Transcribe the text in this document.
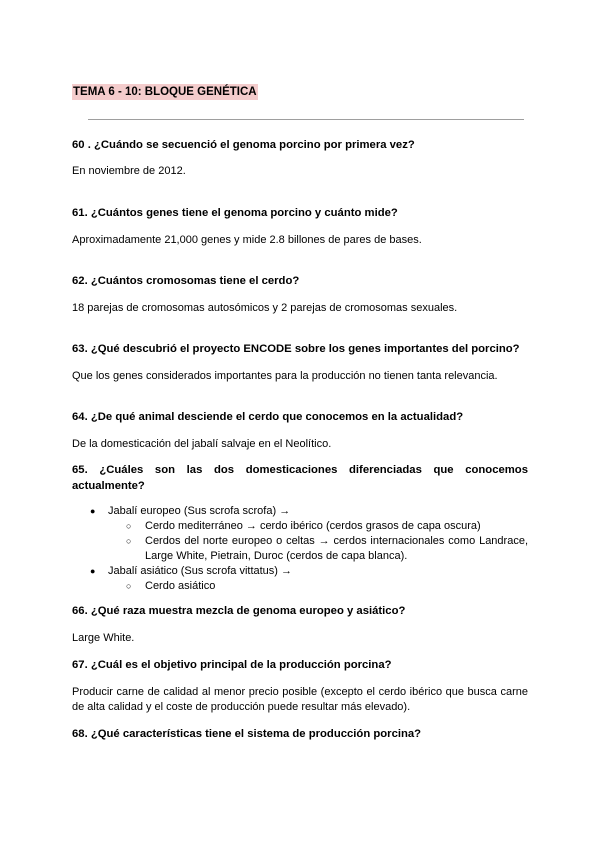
TEMA 6 - 10: BLOQUE GENÉTICA
60 . ¿Cuándo se secuenció el genoma porcino por primera vez?
En noviembre de 2012.
61. ¿Cuántos genes tiene el genoma porcino y cuánto mide?
Aproximadamente 21,000 genes y mide 2.8 billones de pares de bases.
62. ¿Cuántos cromosomas tiene el cerdo?
18 parejas de cromosomas autosómicos y 2 parejas de cromosomas sexuales.
63. ¿Qué descubrió el proyecto ENCODE sobre los genes importantes del porcino?
Que los genes considerados importantes para la producción no tienen tanta relevancia.
64. ¿De qué animal desciende el cerdo que conocemos en la actualidad?
De la domesticación del jabalí salvaje en el Neolítico.
65. ¿Cuáles son las dos domesticaciones diferenciadas que conocemos
actualmente?
● Jabalí europeo (Sus scrofa scrofa) →
○ Cerdo mediterráneo → cerdo ibérico (cerdos grasos de capa oscura)
○ Cerdos del norte europeo o celtas → cerdos internacionales como Landrace,
Large White, Pietrain, Duroc (cerdos de capa blanca).
● Jabalí asiático (Sus scrofa vittatus) →
○ Cerdo asiático
66. ¿Qué raza muestra mezcla de genoma europeo y asiático?
Large White.
67. ¿Cuál es el objetivo principal de la producción porcina?
Producir carne de calidad al menor precio posible (excepto el cerdo ibérico que busca carne
de alta calidad y el coste de producción puede resultar más elevado).
68. ¿Qué características tiene el sistema de producción porcina?
